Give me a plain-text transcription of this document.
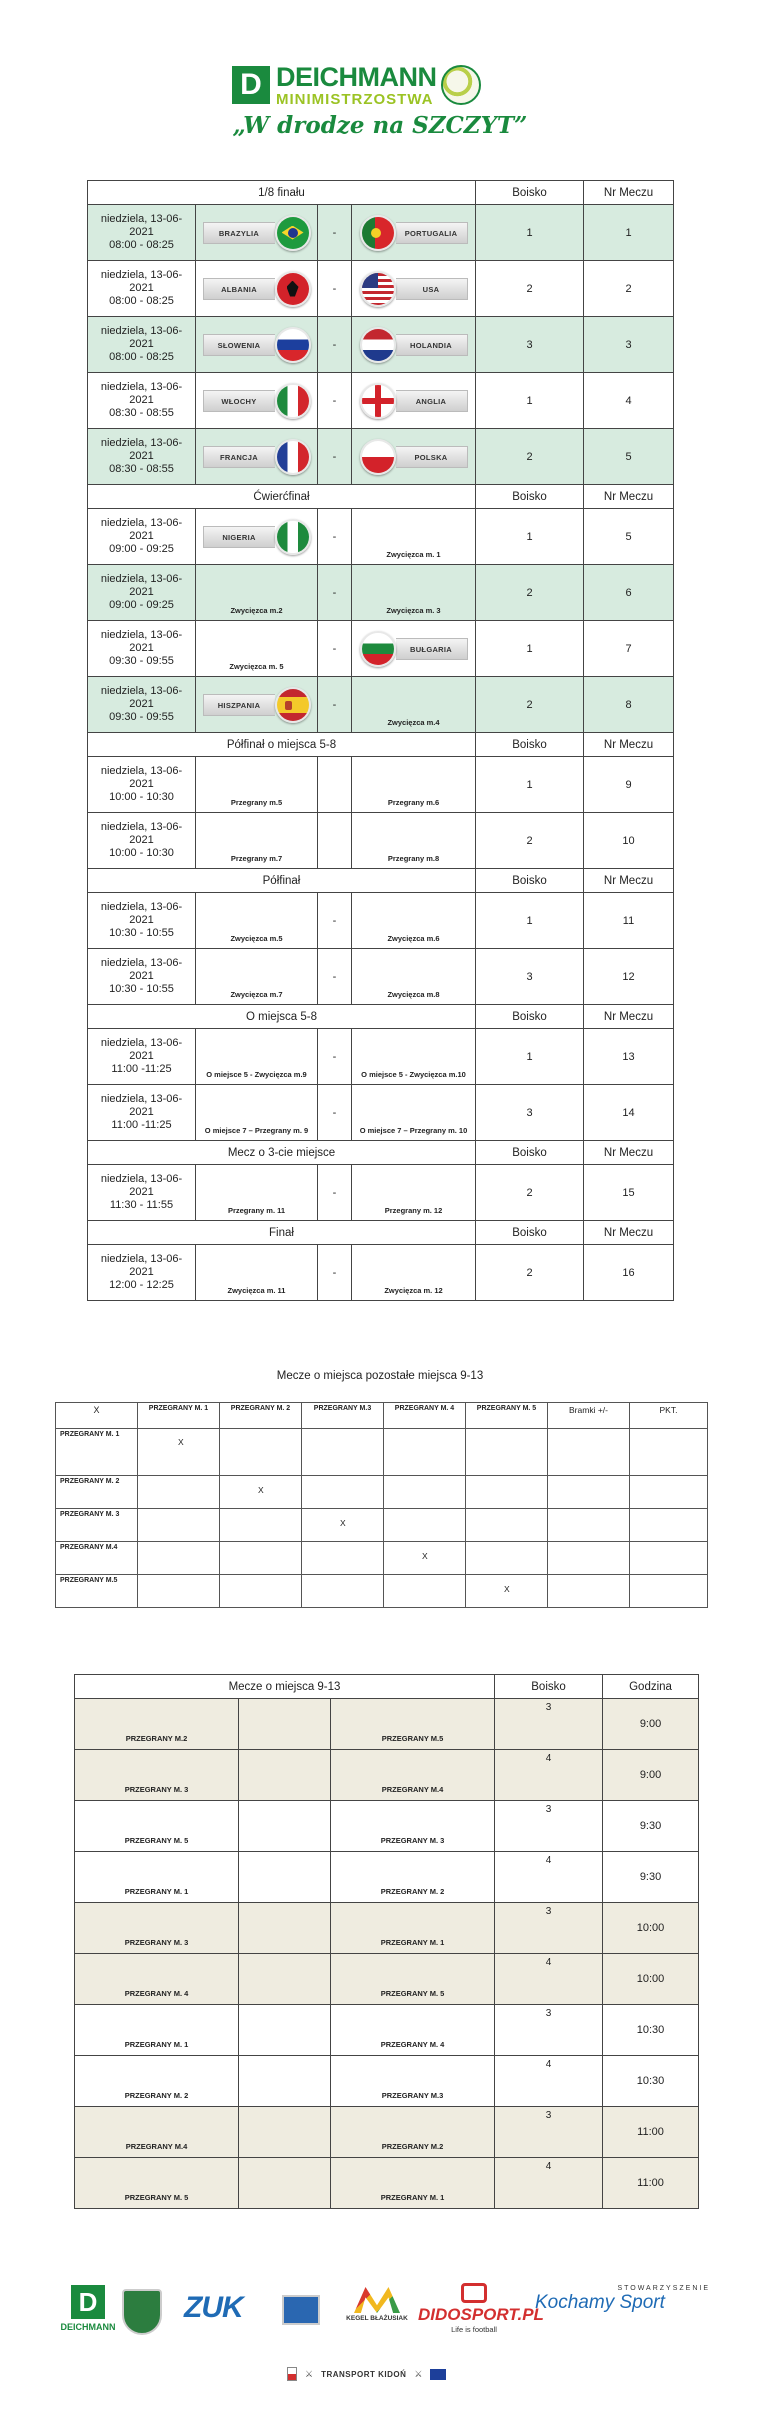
D DEICHMANN
MINIMISTRZOSTWA
„W drodze na SZCZYT”
1/8 finału				Boisko	Nr Meczu

niedziela, 13-06-
2021
08:00 - 08:25	BRAZYLIA	-	PORTUGALIA	1	1

niedziela, 13-06-
2021
08:00 - 08:25	ALBANIA	-	USA	2	2

niedziela, 13-06-
2021
08:00 - 08:25	SŁOWENIA	-	HOLANDIA	3	3

niedziela, 13-06-
2021
08:30 - 08:55	WŁOCHY	-	ANGLIA	1	4

niedziela, 13-06-
2021
08:30 - 08:55	FRANCJA	-	POLSKA	2	5
Ćwierćfinał				Boisko	Nr Meczu

niedziela, 13-06-
2021
09:00 - 09:25	NIGERIA	-	Zwycięzca m. 1	1	5

niedziela, 13-06-
2021
09:00 - 09:25	Zwycięzca m.2	-	Zwycięzca m. 3	2	6

niedziela, 13-06-
2021
09:30 - 09:55	Zwycięzca m. 5	-	BUŁGARIA	1	7

niedziela, 13-06-
2021
09:30 - 09:55	HISZPANIA	-	Zwycięzca m.4	2	8
Półfinał o miejsca 5-8				Boisko	Nr Meczu

niedziela, 13-06-
2021
10:00 - 10:30	Przegrany m.5		Przegrany m.6	1	9

niedziela, 13-06-
2021
10:00 - 10:30	Przegrany m.7		Przegrany m.8	2	10
Półfinał				Boisko	Nr Meczu

niedziela, 13-06-
2021
10:30 - 10:55	Zwycięzca m.5	-	Zwycięzca m.6	1	11

niedziela, 13-06-
2021
10:30 - 10:55	Zwycięzca m.7	-	Zwycięzca m.8	3	12
O miejsca 5-8				Boisko	Nr Meczu

niedziela, 13-06-
2021
11:00 -11:25	O miejsce 5 - Zwycięzca m.9	-	O miejsce 5 - Zwycięzca m.10	1	13

niedziela, 13-06-
2021
11:00 -11:25	O miejsce 7 – Przegrany m. 9	-	O miejsce 7 – Przegrany m. 10	3	14
Mecz o 3-cie miejsce				Boisko	Nr Meczu

niedziela, 13-06-
2021
11:30 - 11:55	Przegrany m. 11	-	Przegrany m. 12	2	15
Finał				Boisko	Nr Meczu

niedziela, 13-06-
2021
12:00 - 12:25	Zwycięzca m. 11	-	Zwycięzca m. 12	2	16
Mecze o miejsca pozostałe miejsca 9-13
X	PRZEGRANY M. 1	PRZEGRANY M. 2	PRZEGRANY M.3	PRZEGRANY M. 4	PRZEGRANY M. 5	Bramki +/-	PKT.
PRZEGRANY M. 1	X						
PRZEGRANY M. 2		X					
PRZEGRANY M. 3			X				
PRZEGRANY M.4				X			
PRZEGRANY M.5					X		
Mecze o miejsca 9-13			Boisko	Godzina

PRZEGRANY M.2		PRZEGRANY M.5	3	9:00

PRZEGRANY M. 3		PRZEGRANY M.4	4	9:00

PRZEGRANY M. 5		PRZEGRANY M. 3	3	9:30

PRZEGRANY M. 1		PRZEGRANY M. 2	4	9:30

PRZEGRANY M. 3		PRZEGRANY M. 1	3	10:00

PRZEGRANY M. 4		PRZEGRANY M. 5	4	10:00

PRZEGRANY M. 1		PRZEGRANY M. 4	3	10:30

PRZEGRANY M. 2		PRZEGRANY M.3	4	10:30

PRZEGRANY M.4		PRZEGRANY M.2	3	11:00

PRZEGRANY M. 5		PRZEGRANY M. 1	4	11:00
D
DEICHMANN
ZUK	KEGEL BŁAŻUSIAK DIDOSPORT.PL
Life is football
STOWARZYSZENIE
Kochamy Sport
⚔ TRANSPORT KIDOŃ ⚔
